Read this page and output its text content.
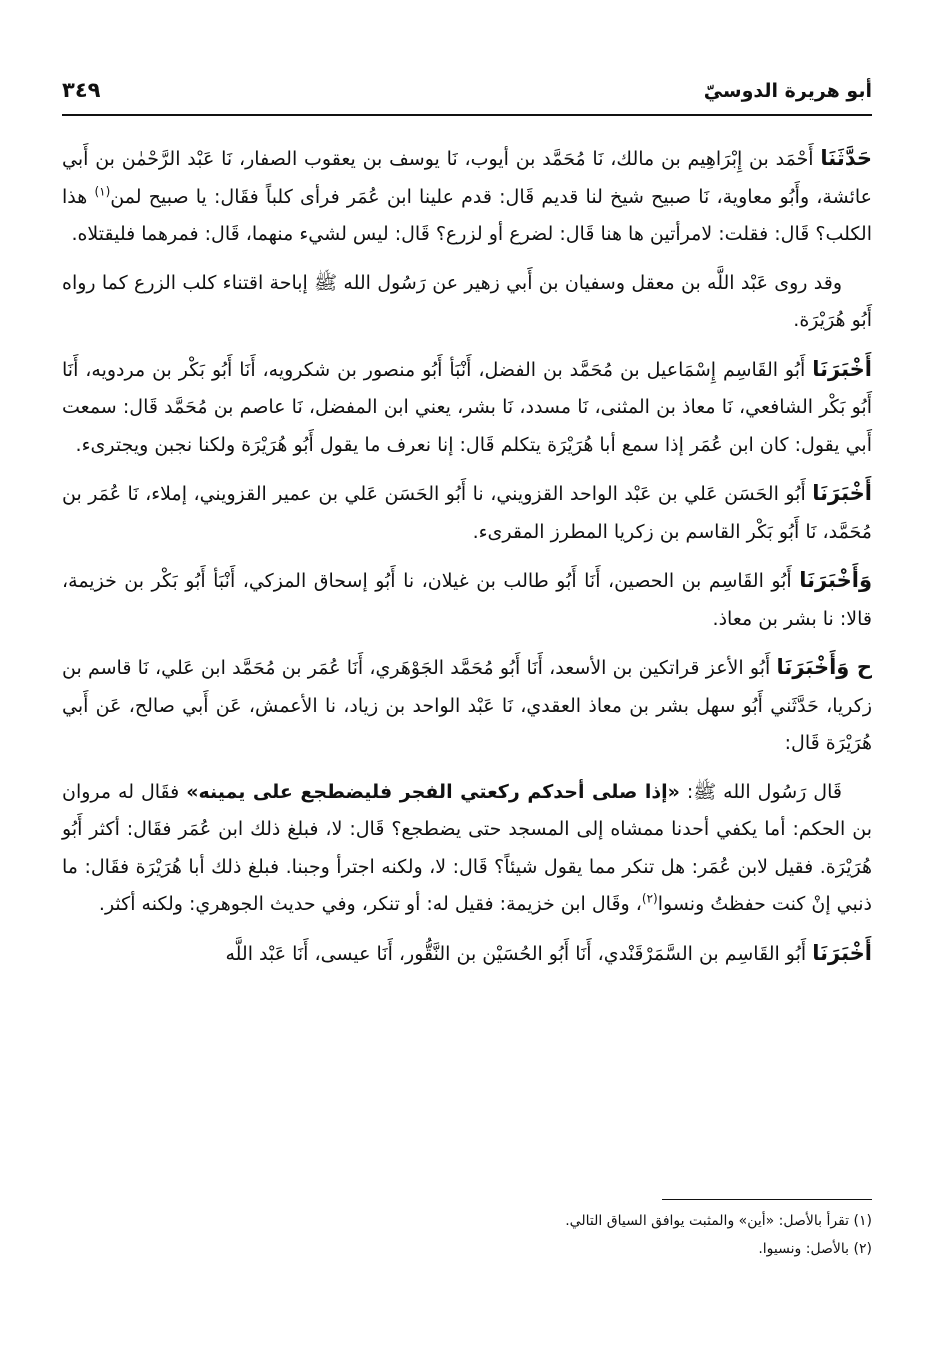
أبو هريرة الدوسيّ
٣٤٩

حَدَّثَنَا أَحْمَد بن إِبْرَاهِيم بن مالك، نَا مُحَمَّد بن أيوب، نَا يوسف بن يعقوب الصفار، نَا عَبْد الرَّحْمٰن بن أَبي عائشة، وأَبُو معاوية، نَا صبيح شيخ لنا قديم قَال: قدم علينا ابن عُمَر فرأى كلباً فقَال: يا صبيح لمن$^{(١)}$ هذا الكلب؟ قَال: فقلت: لامرأتين ها هنا قَال: لضرع أو لزرع؟ قَال: ليس لشيء منهما، قَال: فمرهما فليقتلاه.

وقد روى عَبْد اللَّه بن معقل وسفيان بن أَبي زهير عن رَسُول الله ﷺ إباحة اقتناء كلب الزرع كما رواه أَبُو هُرَيْرَة.

أَخْبَرَنَا أَبُو القَاسِم إِسْمَاعيل بن مُحَمَّد بن الفضل، أَنْبَأ أَبُو منصور بن شكرويه، أَنَا أَبُو بَكْر بن مردويه، أَنَا أَبُو بَكْر الشافعي، نَا معاذ بن المثنى، نَا مسدد، نَا بشر، يعني ابن المفضل، نَا عاصم بن مُحَمَّد قَال: سمعت أَبي يقول: كان ابن عُمَر إذا سمع أبا هُرَيْرَة يتكلم قَال: إنا نعرف ما يقول أَبُو هُرَيْرَة ولكنا نجبن ويجترىء.

أَخْبَرَنَا أَبُو الحَسَن عَلي بن عَبْد الواحد القزويني، نا أَبُو الحَسَن عَلي بن عمير القزويني، إملاء، نَا عُمَر بن مُحَمَّد، نَا أَبُو بَكْر القاسم بن زكريا المطرز المقرىء.

وَأَخْبَرَنَا أَبُو القَاسِم بن الحصين، أَنَا أَبُو طالب بن غيلان، نا أَبُو إسحاق المزكي، أَنْبَأ أَبُو بَكْر بن خزيمة، قالا: نا بشر بن معاذ.

ح وَأَخْبَرَنَا أَبُو الأعز قراتكين بن الأسعد، أَنَا أَبُو مُحَمَّد الجَوْهَري، أَنَا عُمَر بن مُحَمَّد ابن عَلي، نَا قاسم بن زكريا، حَدَّثَني أَبُو سهل بشر بن معاذ العقدي، نَا عَبْد الواحد بن زياد، نا الأعمش، عَن أَبي صالح، عَن أَبي هُرَيْرَة قَال:

قَال رَسُول الله ﷺ: «إذا صلى أحدكم ركعتي الفجر فليضطجع على يمينه» فقَال له مروان بن الحكم: أما يكفي أحدنا ممشاه إلى المسجد حتى يضطجع؟ قَال: لا، فبلغ ذلك ابن عُمَر فقَال: أكثر أَبُو هُرَيْرَة. فقيل لابن عُمَر: هل تنكر مما يقول شيئاً؟ قَال: لا، ولكنه اجترأ وجبنا. فبلغ ذلك أبا هُرَيْرَة فقَال: ما ذنبي إنْ كنت حفظتُ ونسوا$^{(٢)}$، وقَال ابن خزيمة: فقيل له: أو تنكر، وفي حديث الجوهري: ولكنه أكثر.

أَخْبَرَنَا أَبُو القَاسِم بن السَّمَرْقَنْدي، أَنَا أَبُو الحُسَيْن بن النَّقُّور، أَنَا عيسى، أَنَا عَبْد اللَّه

(١) تقرأ بالأصل: «أين» والمثبت يوافق السياق التالي.

(٢) بالأصل: ونسيوا.
